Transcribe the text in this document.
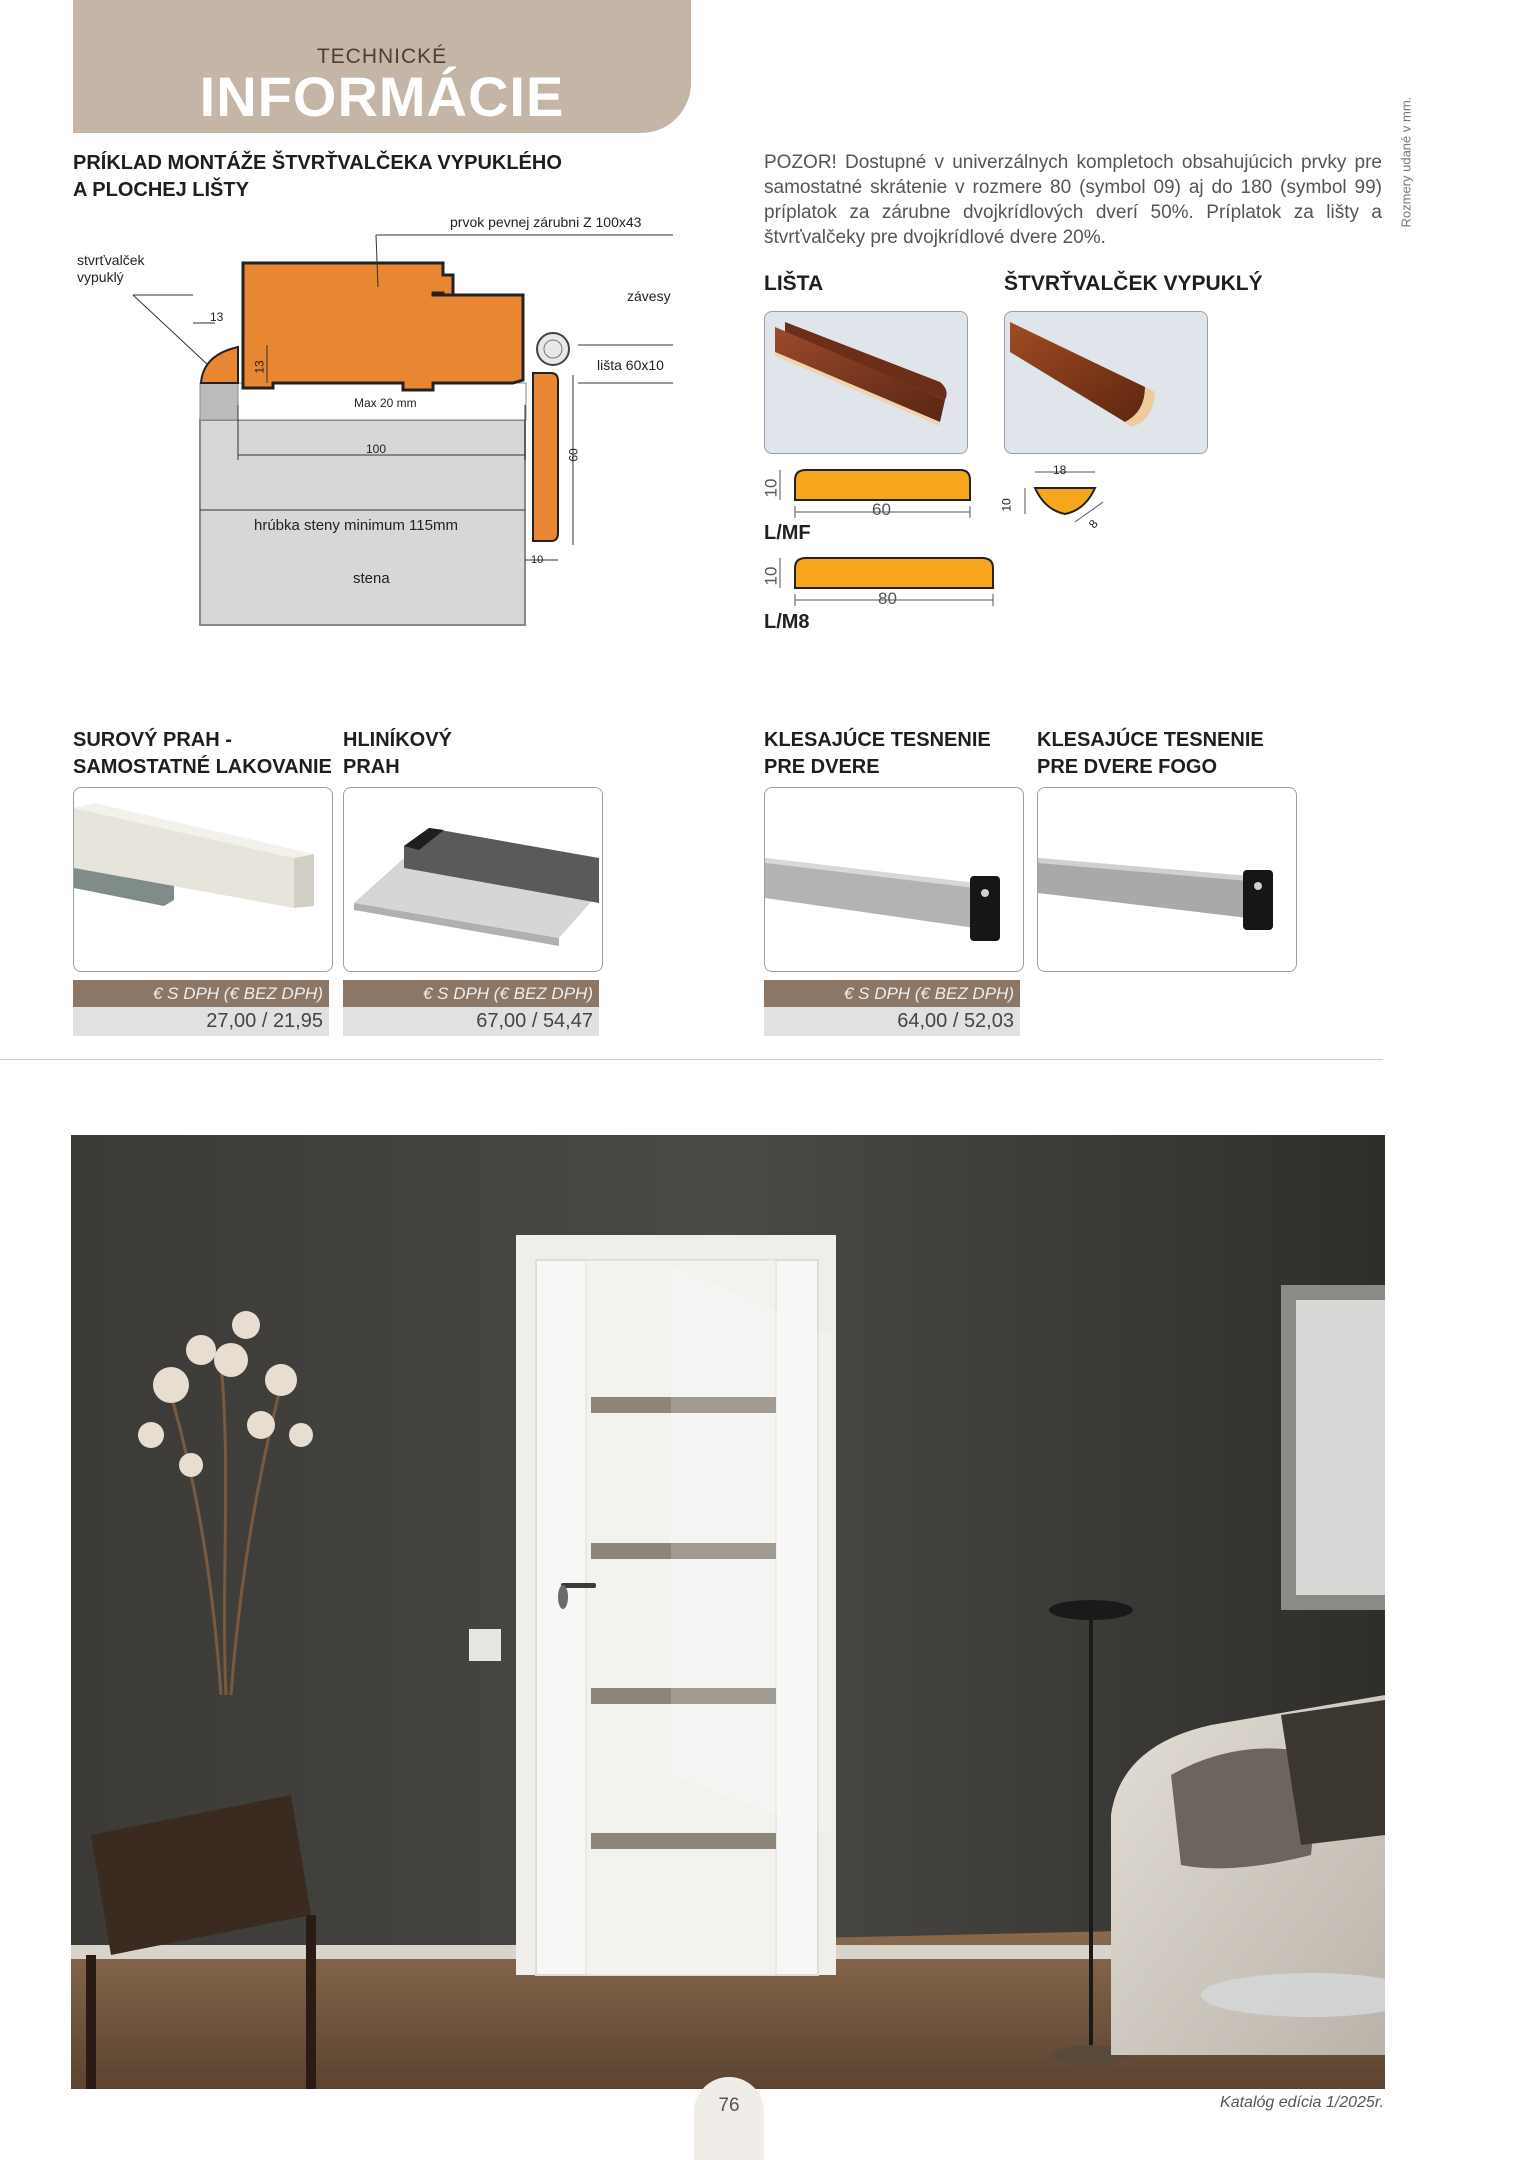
TECHNICKÉ
INFORMÁCIE
Rozmery udané v mm.
PRÍKLAD MONTÁŽE ŠTVRŤVALČEKA VYPUKLÉHO
A PLOCHEJ LIŠTY
prvok pevnej zárubni Z 100x43
stvrťvalček
vypuklý
závesy
lišta 60x10
Max 20 mm
100	60
13
13
10
hrúbka steny minimum 115mm
stena
POZOR! Dostupné v univerzálnych kompletoch obsahujúcich prvky pre samostatné skrátenie v rozmere 80 (symbol 09) aj do 180 (symbol 99) príplatok za zárubne dvojkrídlových dverí 50%. Príplatok za lišty a štvrťvalčeky pre dvojkrídlové dvere 20%.
LIŠTA
10
60
L/MF
10
80
L/M8
ŠTVRŤVALČEK VYPUKLÝ
18
10
8
SUROVÝ PRAH -
SAMOSTATNÉ LAKOVANIE
€ S DPH (€ BEZ DPH)
27,00 / 21,95
HLINÍKOVÝ
PRAH
€ S DPH (€ BEZ DPH)
67,00 / 54,47
KLESAJÚCE TESNENIE
PRE DVERE
€ S DPH (€ BEZ DPH)
64,00 / 52,03
KLESAJÚCE TESNENIE
PRE DVERE FOGO
76	Katalóg edícia 1/2025r.
